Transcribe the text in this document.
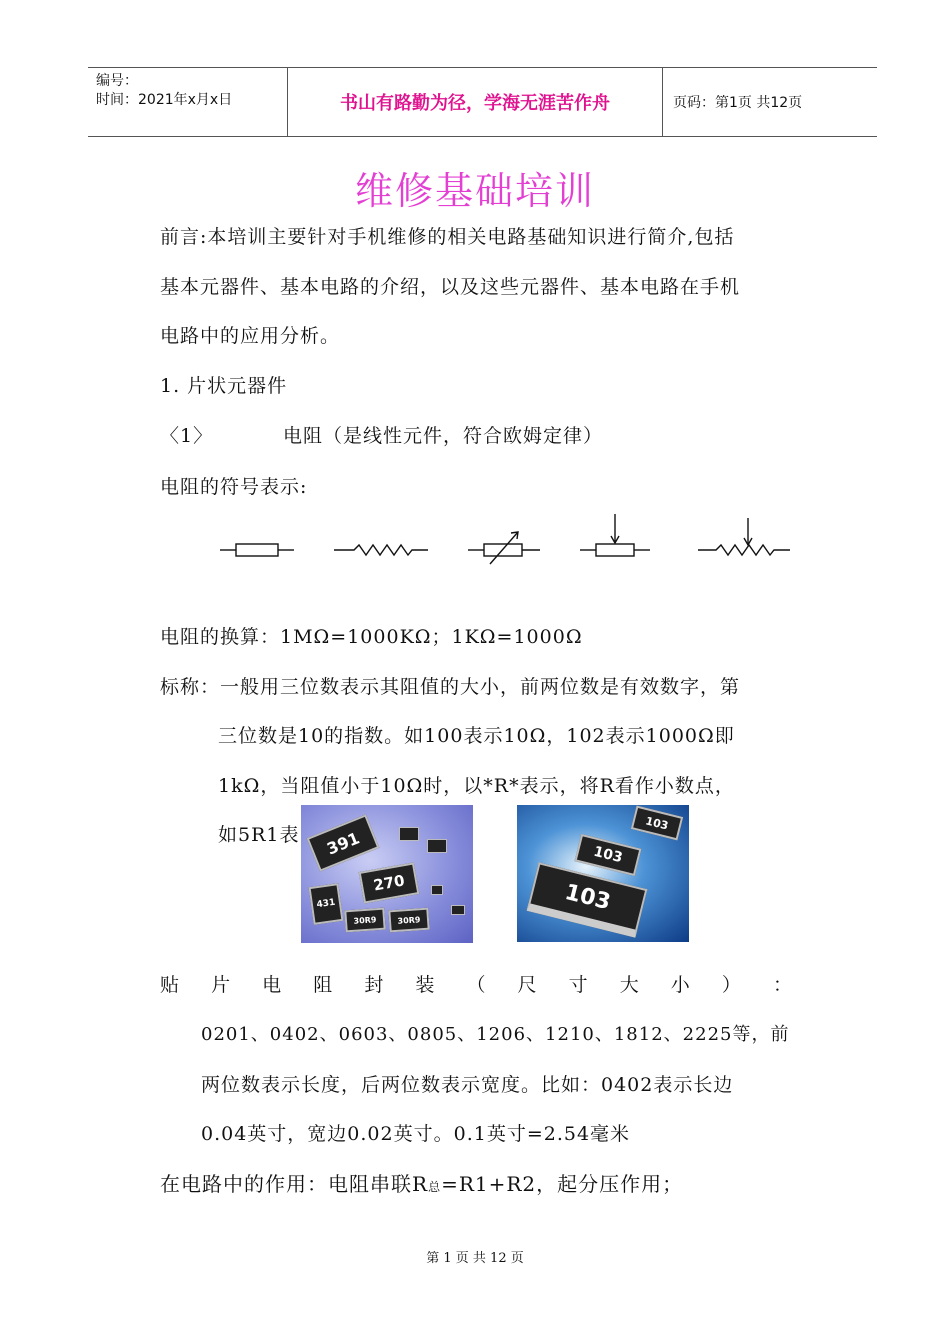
编号：
时间：2021年x月x日	书山有路勤为径，学海无涯苦作舟	页码：第1页 共12页
维修基础培训
前言:本培训主要针对手机维修的相关电路基础知识进行简介,包括
基本元器件、基本电路的介绍，以及这些元器件、基本电路在手机
电路中的应用分析。
1. 片状元器件
〈1〉	电阻（是线性元件，符合欧姆定律）
电阻的符号表示:
电阻的换算：1MΩ=1000KΩ；1KΩ=1000Ω
标称：一般用三位数表示其阻值的大小，前两位数是有效数字，第
三位数是10的指数。如100表示10Ω，102表示1000Ω即
1kΩ，当阻值小于10Ω时，以*R*表示，将R看作小数点，
如5R1表	391
270
431
30R9	30R9
103
103
103
贴 片 电 阻 封 装 （ 尺 寸 大 小 ） ：
0201、0402、0603、0805、1206、1210、1812、2225等，前
两位数表示长度，后两位数表示宽度。比如：0402表示长边
0.04英寸，宽边0.02英寸。0.1英寸=2.54毫米
在电路中的作用：电阻串联R总=R1+R2，起分压作用；
第 1 页 共 12 页
